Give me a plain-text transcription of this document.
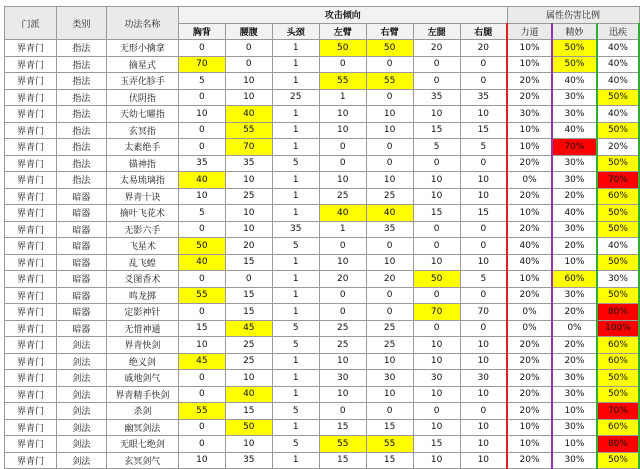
门派	类别	功法名称	攻击倾向							属性伤害比例		
			胸背	腰腹	头颈	左臂	右臂	左腿	右腿	力道	精妙	迅疾
界青门	指法	无形小擒拿	0	0	1	50	50	20	20	10%	50%	40%
界青门	指法	摘星式	70	0	1	0	0	0	0	10%	50%	40%
界青门	指法	玉弄化胗手	5	10	1	55	55	0	0	20%	40%	40%
界青门	指法	伏阴指	0	10	25	1	0	35	35	20%	30%	50%
界青门	指法	天幼七曜指	10	40	1	10	10	10	10	30%	30%	40%
界青门	指法	玄冥指	0	55	1	10	10	15	15	10%	40%	50%
界青门	指法	太素绝手	0	70	1	0	0	5	5	10%	70%	20%
界青门	指法	锚神指	35	35	5	0	0	0	0	20%	30%	50%
界青门	指法	太易琉璃指	40	10	1	10	10	10	10	0%	30%	70%
界青门	暗器	界青十诀	10	25	1	25	25	10	10	20%	20%	60%
界青门	暗器	摘叶飞花术	5	10	1	40	40	15	15	10%	40%	50%
界青门	暗器	无影六手	0	10	35	1	35	0	0	20%	30%	50%
界青门	暗器	飞星术	50	20	5	0	0	0	0	40%	20%	40%
界青门	暗器	乱飞蝗	40	15	1	10	10	10	10	40%	10%	50%
界青门	暗器	爻图香术	0	0	1	20	20	50	5	10%	60%	30%
界青门	暗器	鸣龙掷	55	15	1	0	0	0	0	20%	30%	50%
界青门	暗器	定影神针	0	15	1	0	0	70	70	0%	20%	80%
界青门	暗器	无惜神通	15	45	5	25	25	0	0	0%	0%	100%
界青门	剑法	界青快剑	10	25	5	25	25	10	10	20%	20%	60%
界青门	剑法	绝义剑	45	25	1	10	10	10	10	20%	20%	60%
界青门	剑法	戚地剑气	0	10	1	30	30	30	30	20%	30%	50%
界青门	剑法	界青精手快剑	0	40	1	10	10	10	10	20%	30%	50%
界青门	剑法	杀剑	55	15	5	0	0	0	0	20%	10%	70%
界青门	剑法	幽冥剑法	0	50	1	15	15	10	10	10%	30%	60%
界青门	剑法	无眼七绝剑	0	10	5	55	55	15	10	10%	10%	80%
界青门	剑法	玄冥剑气	10	35	1	15	15	10	10	20%	30%	50%
